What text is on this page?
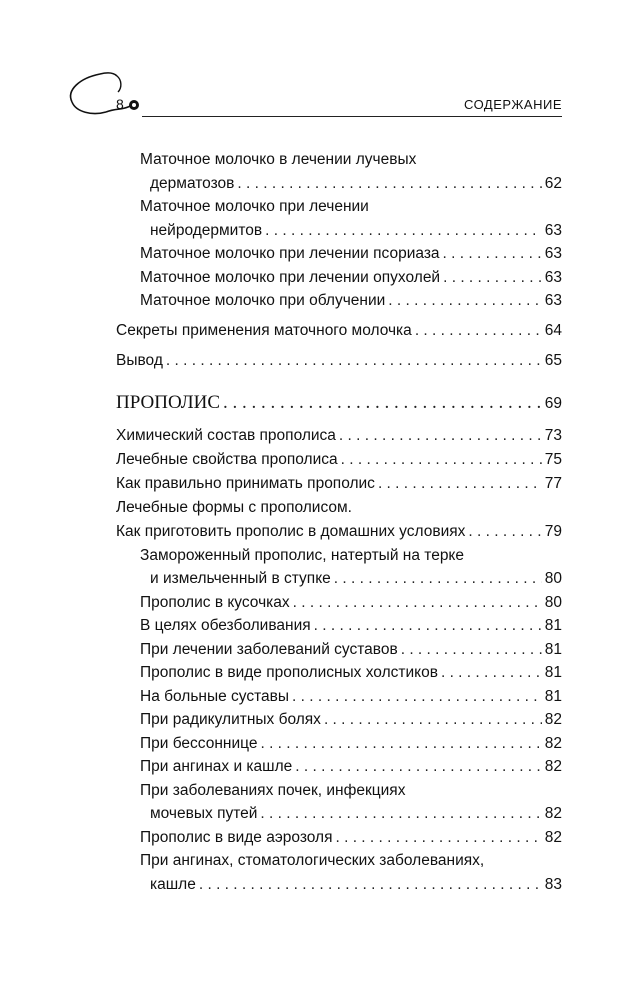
8	СОДЕРЖАНИЕ
Маточное молочко в лечении лучевых
дерматозов . . .	62
Маточное молочко при лечении
нейродермитов . . .	63
Маточное молочко при лечении псориаза . . .	63
Маточное молочко при лечении опухолей . . .	63
Маточное молочко при облучении . . .	63
Секреты применения маточного молочка . . .	64
Вывод . . .	65
ПРОПОЛИС . . .	69
Химический состав прополиса . . .	73
Лечебные свойства прополиса . . .	75
Как правильно принимать прополис . . .	77
Лечебные формы с прополисом.
Как приготовить прополис в домашних условиях . . .	79
Замороженный прополис, натертый на терке
и измельченный в ступке . . .	80
Прополис в кусочках . . .	80
В целях обезболивания . . .	81
При лечении заболеваний суставов . . .	81
Прополис в виде прополисных холстиков . . .	81
На больные суставы . . .	81
При радикулитных болях . . .	82
При бессоннице . . .	82
При ангинах и кашле . . .	82
При заболеваниях почек, инфекциях
мочевых путей . . .	82
Прополис в виде аэрозоля . . .	82
При ангинах, стоматологических заболеваниях,
кашле . . .	83
